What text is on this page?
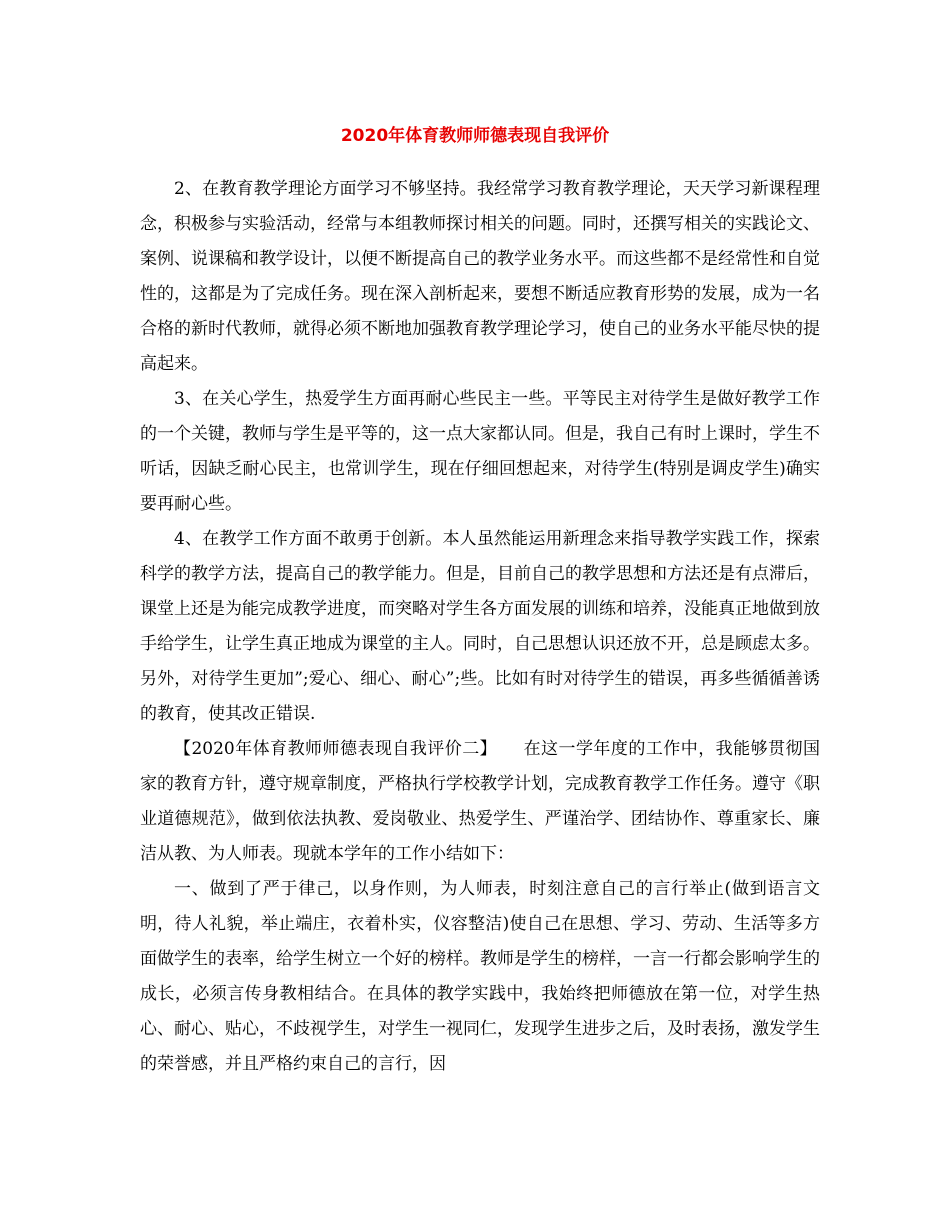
2020年体育教师师德表现自我评价

2、在教育教学理论方面学习不够坚持。我经常学习教育教学理论，天天学习新课程理念，积极参与实验活动，经常与本组教师探讨相关的问题。同时，还撰写相关的实践论文、案例、说课稿和教学设计，以便不断提高自己的教学业务水平。而这些都不是经常性和自觉性的，这都是为了完成任务。现在深入剖析起来，要想不断适应教育形势的发展，成为一名合格的新时代教师，就得必须不断地加强教育教学理论学习，使自己的业务水平能尽快的提高起来。

3、在关心学生，热爱学生方面再耐心些民主一些。平等民主对待学生是做好教学工作的一个关键，教师与学生是平等的，这一点大家都认同。但是，我自己有时上课时，学生不听话，因缺乏耐心民主，也常训学生，现在仔细回想起来，对待学生(特别是调皮学生)确实要再耐心些。

4、在教学工作方面不敢勇于创新。本人虽然能运用新理念来指导教学实践工作，探索科学的教学方法，提高自己的教学能力。但是，目前自己的教学思想和方法还是有点滞后，课堂上还是为能完成教学进度，而突略对学生各方面发展的训练和培养，没能真正地做到放手给学生，让学生真正地成为课堂的主人。同时，自己思想认识还放不开，总是顾虑太多。另外，对待学生更加”;爱心、细心、耐心”;些。比如有时对待学生的错误，再多些循循善诱的教育，使其改正错误.

【2020年体育教师师德表现自我评价二】　　在这一学年度的工作中，我能够贯彻国家的教育方针，遵守规章制度，严格执行学校教学计划，完成教育教学工作任务。遵守《职业道德规范》，做到依法执教、爱岗敬业、热爱学生、严谨治学、团结协作、尊重家长、廉洁从教、为人师表。现就本学年的工作小结如下：

一、做到了严于律己，以身作则，为人师表，时刻注意自己的言行举止(做到语言文明，待人礼貌，举止端庄，衣着朴实，仪容整洁)使自己在思想、学习、劳动、生活等多方面做学生的表率，给学生树立一个好的榜样。教师是学生的榜样，一言一行都会影响学生的成长，必须言传身教相结合。在具体的教学实践中，我始终把师德放在第一位，对学生热心、耐心、贴心，不歧视学生，对学生一视同仁，发现学生进步之后，及时表扬，激发学生的荣誉感，并且严格约束自己的言行，因
